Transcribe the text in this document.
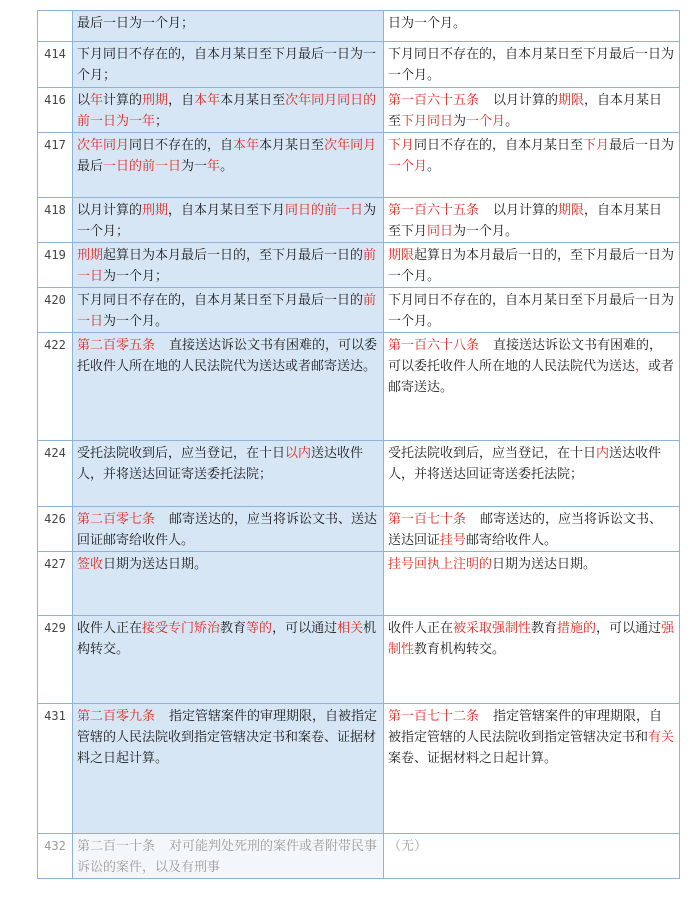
	最后一日为一个月；	日为一个月。
414	下月同日不存在的，自本月某日至下月最后一日为一个月；	下月同日不存在的，自本月某日至下月最后一日为一个月。
416	以年计算的刑期，自本年本月某日至次年同月同日的前一日为一年；	第一百六十五条 以月计算的期限，自本月某日至下月同日为一个月。
417	次年同月同日不存在的，自本年本月某日至次年同月最后一日的前一日为一年。	下月同日不存在的，自本月某日至下月最后一日为一个月。
418	以月计算的刑期，自本月某日至下月同日的前一日为一个月；	第一百六十五条 以月计算的期限，自本月某日至下月同日为一个月。
419	刑期起算日为本月最后一日的，至下月最后一日的前一日为一个月；	期限起算日为本月最后一日的，至下月最后一日为一个月。
420	下月同日不存在的，自本月某日至下月最后一日的前一日为一个月。	下月同日不存在的，自本月某日至下月最后一日为一个月。
422	第二百零五条 直接送达诉讼文书有困难的，可以委托收件人所在地的人民法院代为送达或者邮寄送达。	第一百六十八条 直接送达诉讼文书有困难的，可以委托收件人所在地的人民法院代为送达，或者邮寄送达。
424	受托法院收到后，应当登记，在十日以内送达收件人，并将送达回证寄送委托法院；	受托法院收到后，应当登记，在十日内送达收件人，并将送达回证寄送委托法院；
426	第二百零七条 邮寄送达的，应当将诉讼文书、送达回证邮寄给收件人。	第一百七十条 邮寄送达的，应当将诉讼文书、送达回证挂号邮寄给收件人。
427	签收日期为送达日期。	挂号回执上注明的日期为送达日期。
429	收件人正在接受专门矫治教育等的，可以通过相关机构转交。	收件人正在被采取强制性教育措施的，可以通过强制性教育机构转交。
431	第二百零九条 指定管辖案件的审理期限，自被指定管辖的人民法院收到指定管辖决定书和案卷、证据材料之日起计算。	第一百七十二条 指定管辖案件的审理期限，自被指定管辖的人民法院收到指定管辖决定书和有关案卷、证据材料之日起计算。
432	第二百一十条 对可能判处死刑的案件或者附带民事诉讼的案件，以及有刑事	（无）
